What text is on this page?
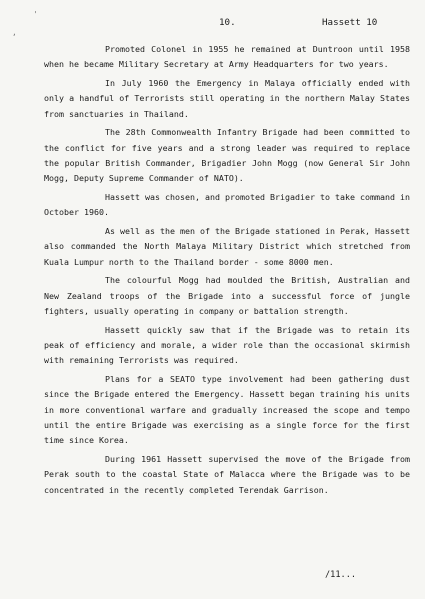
'
,
10.	Hassett 10

Promoted Colonel in 1955 he remained at Duntroon until 1958 when he became Military Secretary at Army Headquarters for two years.

In July 1960 the Emergency in Malaya officially ended with only a handful of Terrorists still operating in the northern Malay States from sanctuaries in Thailand.

The 28th Commonwealth Infantry Brigade had been committed to the conflict for five years and a strong leader was required to replace the popular British Commander, Brigadier John Mogg (now General Sir John Mogg, Deputy Supreme Commander of NATO).

Hassett was chosen, and promoted Brigadier to take command in October 1960.

As well as the men of the Brigade stationed in Perak, Hassett also commanded the North Malaya Military District which stretched from Kuala Lumpur north to the Thailand border - some 8000 men.

The colourful Mogg had moulded the British, Australian and New Zealand troops of the Brigade into a successful force of jungle fighters, usually operating in company or battalion strength.

Hassett quickly saw that if the Brigade was to retain its peak of efficiency and morale, a wider role than the occasional skirmish with remaining Terrorists was required.

Plans for a SEATO type involvement had been gathering dust since the Brigade entered the Emergency. Hassett began training his units in more conventional warfare and gradually increased the scope and tempo until the entire Brigade was exercising as a single force for the first time since Korea.

During 1961 Hassett supervised the move of the Brigade from Perak south to the coastal State of Malacca where the Brigade was to be concentrated in the recently completed Terendak Garrison.

/11...
